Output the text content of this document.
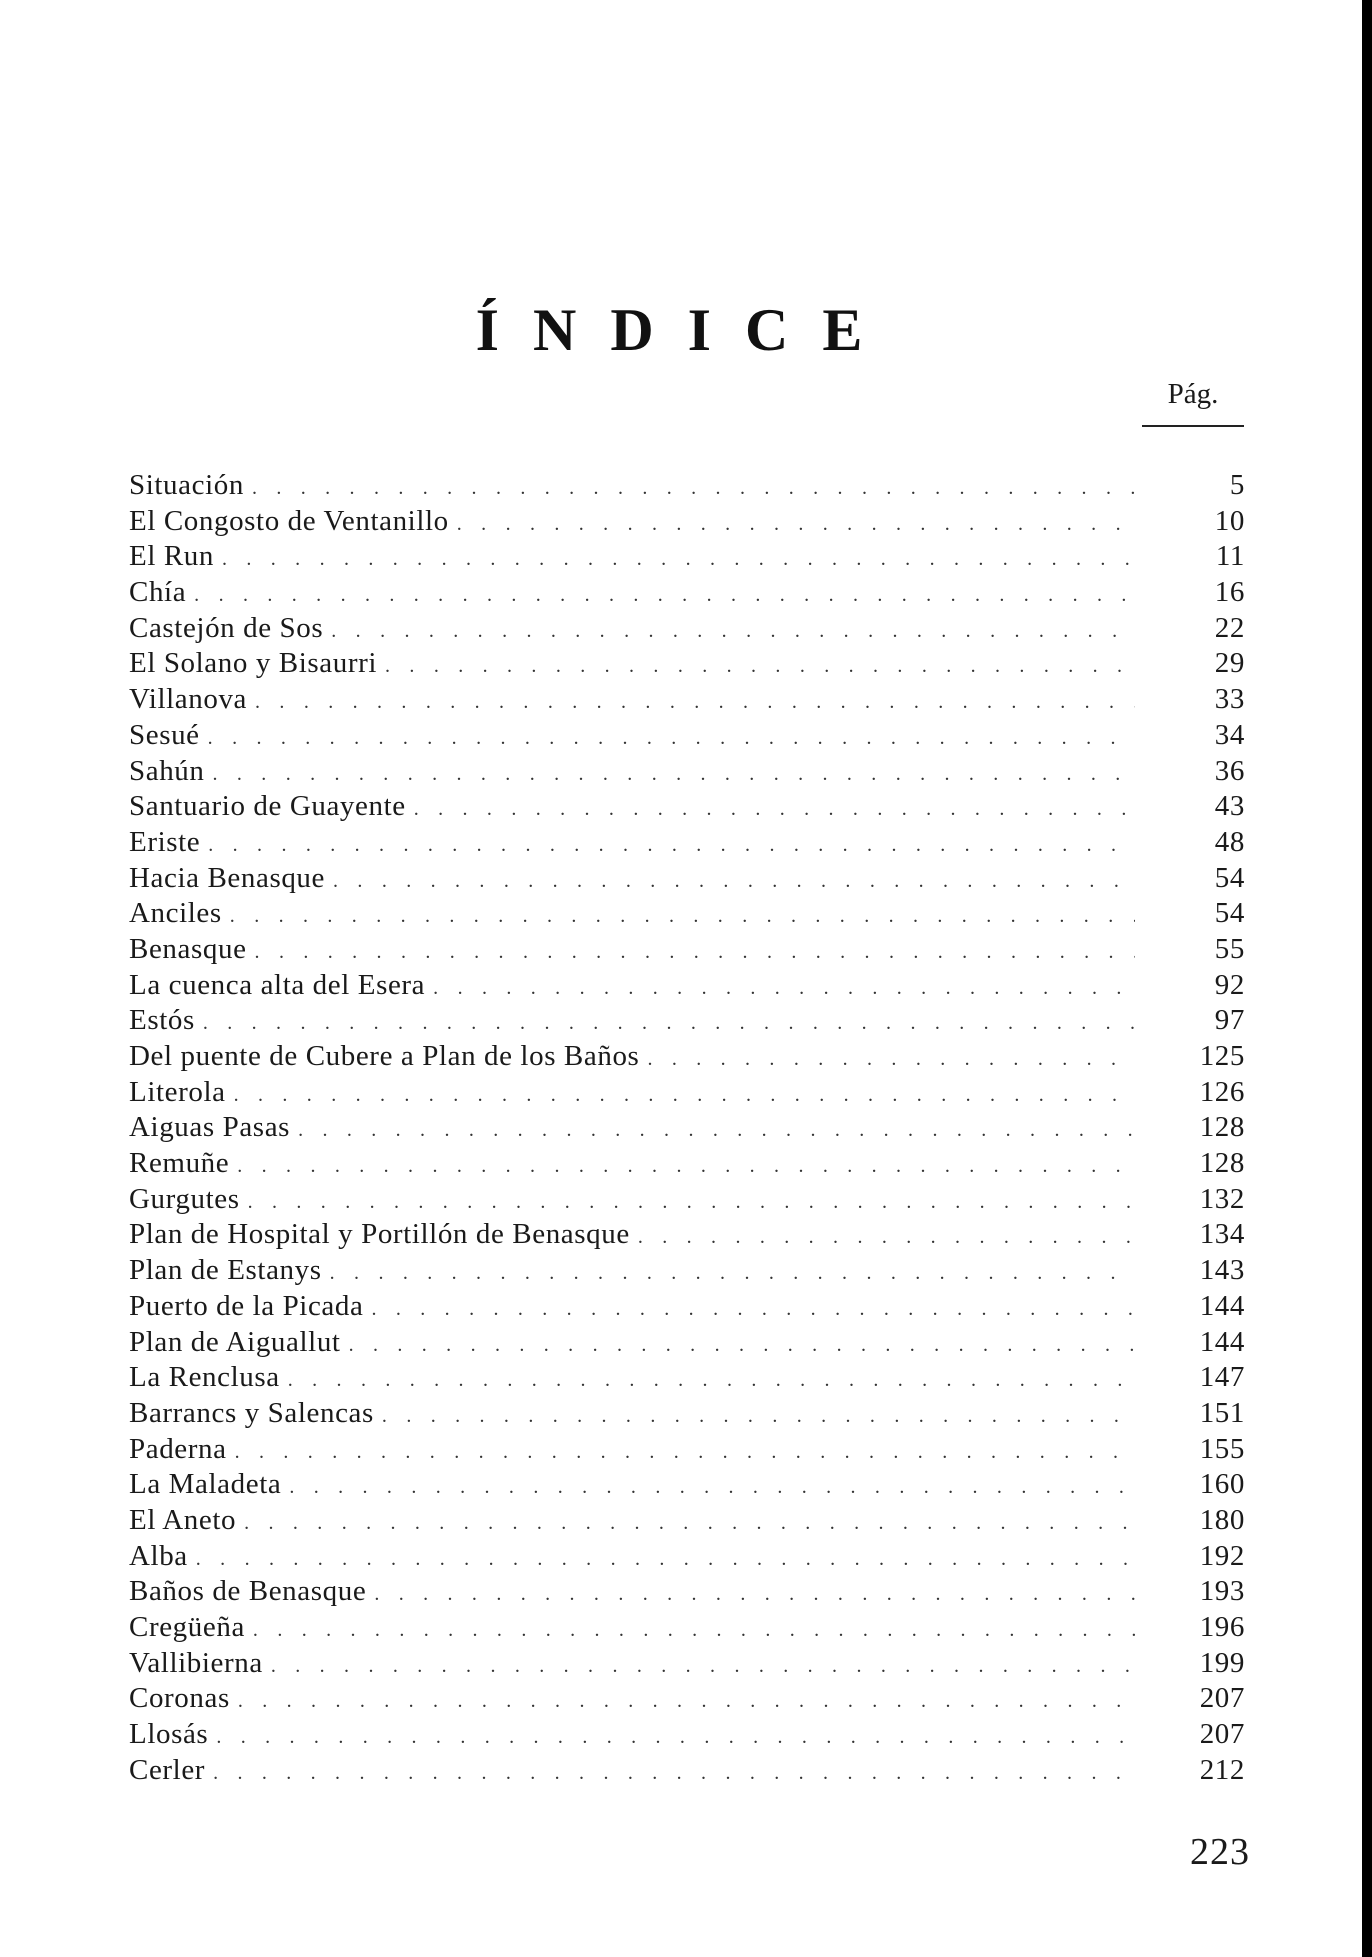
ÍNDICE
Pág.
Situación . . .	5
El Congosto de Ventanillo . . .	10
El Run . . .	11
Chía . . .	16
Castejón de Sos . . .	22
El Solano y Bisaurri . . .	29
Villanova . . .	33
Sesué . . .	34
Sahún . . .	36
Santuario de Guayente . . .	43
Eriste . . .	48
Hacia Benasque . . .	54
Anciles . . .	54
Benasque . . .	55
La cuenca alta del Esera . . .	92
Estós . . .	97
Del puente de Cubere a Plan de los Baños . . .	125
Literola . . .	126
Aiguas Pasas . . .	128
Remuñe . . .	128
Gurgutes . . .	132
Plan de Hospital y Portillón de Benasque . . .	134
Plan de Estanys . . .	143
Puerto de la Picada . . .	144
Plan de Aiguallut . . .	144
La Renclusa . . .	147
Barrancs y Salencas . . .	151
Paderna . . .	155
La Maladeta . . .	160
El Aneto . . .	180
Alba . . .	192
Baños de Benasque . . .	193
Cregüeña . . .	196
Vallibierna . . .	199
Coronas . . .	207
Llosás . . .	207
Cerler . . .	212
223
